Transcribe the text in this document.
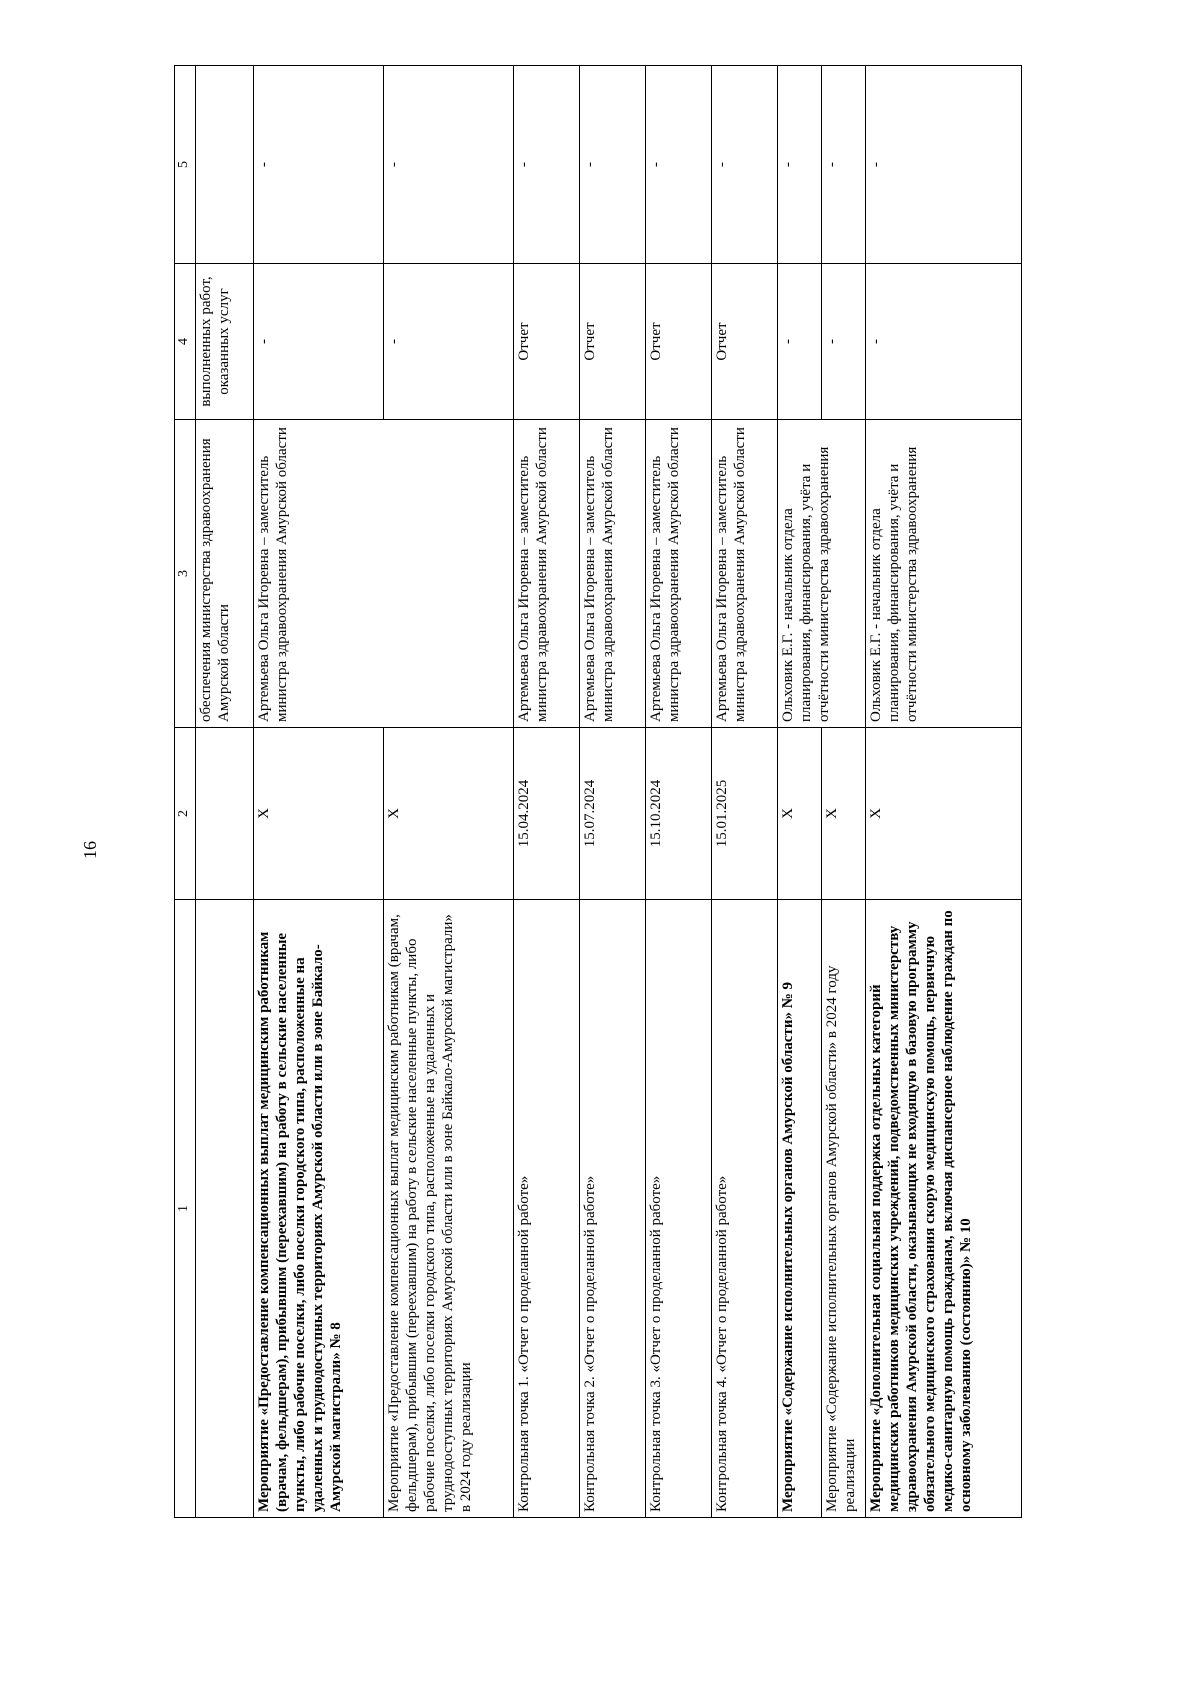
16
1	2	3	4	5
		обеспечения министерства здравоохранения Амурской области	выполненных работ, оказанных услуг	
Мероприятие «Предоставление компенсационных выплат медицинским работникам (врачам, фельдшерам), прибывшим (переехавшим) на работу в сельские населенные пункты, либо рабочие поселки, либо поселки городского типа, расположенные на удаленных и труднодоступных территориях Амурской области или в зоне Байкало-Амурской магистрали» № 8	X	Артемьева Ольга Игоревна – заместитель министра здравоохранения Амурской области	-	-
Мероприятие «Предоставление компенсационных выплат медицинским работникам (врачам, фельдшерам), прибывшим (переехавшим) на работу в сельские населенные пункты, либо рабочие поселки, либо поселки городского типа, расположенные на удаленных и труднодоступных территориях Амурской области или в зоне Байкало-Амурской магистрали» в 2024 году реализации	X		-	-
Контрольная точка 1. «Отчет о проделанной работе»	15.04.2024	Артемьева Ольга Игоревна – заместитель министра здравоохранения Амурской области	Отчет	-
Контрольная точка 2. «Отчет о проделанной работе»	15.07.2024	Артемьева Ольга Игоревна – заместитель министра здравоохранения Амурской области	Отчет	-
Контрольная точка 3. «Отчет о проделанной работе»	15.10.2024	Артемьева Ольга Игоревна – заместитель министра здравоохранения Амурской области	Отчет	-
Контрольная точка 4. «Отчет о проделанной работе»	15.01.2025	Артемьева Ольга Игоревна – заместитель министра здравоохранения Амурской области	Отчет	-
Мероприятие «Содержание исполнительных органов Амурской области» № 9	X	Ольховик Е.Г. - начальник отдела планирования, финансирования, учёта и отчётности министерства здравоохранения	-	-
Мероприятие «Содержание исполнительных органов Амурской области» в 2024 году реализации	X		-	-
Мероприятие «Дополнительная социальная поддержка отдельных категорий медицинских работников медицинских учреждений, подведомственных министерству здравоохранения Амурской области, оказывающих не входящую в базовую программу обязательного медицинского страхования скорую медицинскую помощь, первичную медико-санитарную помощь гражданам, включая диспансерное наблюдение граждан по основному заболеванию (состоянию)» № 10	X	Ольховик Е.Г. - начальник отдела планирования, финансирования, учёта и отчётности министерства здравоохранения	-	-
